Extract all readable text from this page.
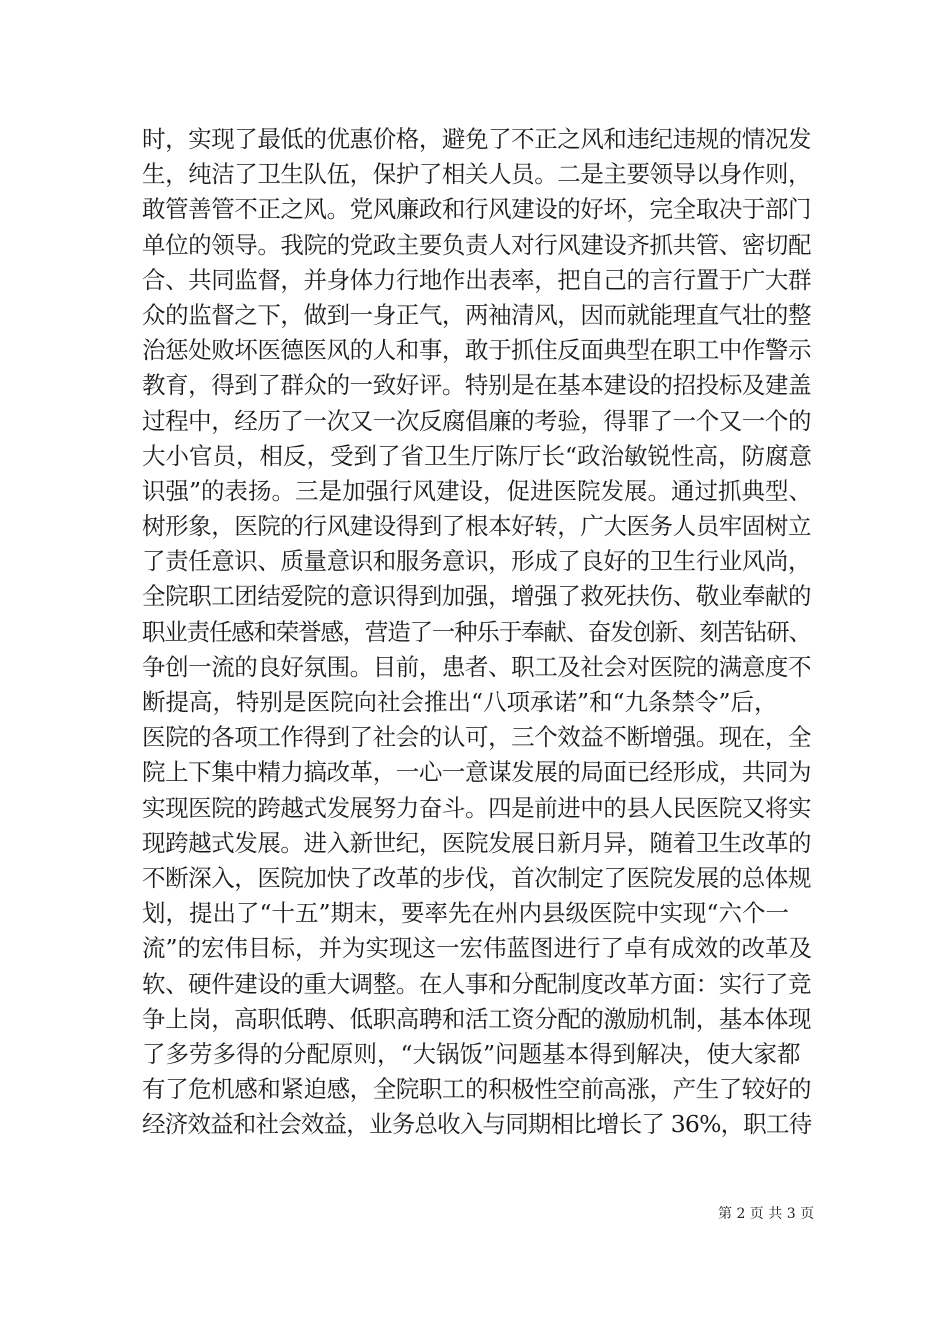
时，实现了最低的优惠价格，避免了不正之风和违纪违规的情况发
生，纯洁了卫生队伍，保护了相关人员。二是主要领导以身作则，
敢管善管不正之风。党风廉政和行风建设的好坏，完全取决于部门
单位的领导。我院的党政主要负责人对行风建设齐抓共管、密切配
合、共同监督，并身体力行地作出表率，把自己的言行置于广大群
众的监督之下，做到一身正气，两袖清风，因而就能理直气壮的整
治惩处败坏医德医风的人和事，敢于抓住反面典型在职工中作警示
教育，得到了群众的一致好评。特别是在基本建设的招投标及建盖
过程中，经历了一次又一次反腐倡廉的考验，得罪了一个又一个的
大小官员，相反，受到了省卫生厅陈厅长“政治敏锐性高，防腐意
识强”的表扬。三是加强行风建设，促进医院发展。通过抓典型、
树形象，医院的行风建设得到了根本好转，广大医务人员牢固树立
了责任意识、质量意识和服务意识，形成了良好的卫生行业风尚，
全院职工团结爱院的意识得到加强，增强了救死扶伤、敬业奉献的
职业责任感和荣誉感，营造了一种乐于奉献、奋发创新、刻苦钻研、
争创一流的良好氛围。目前，患者、职工及社会对医院的满意度不
断提高，特别是医院向社会推出“八项承诺”和“九条禁令”后，
医院的各项工作得到了社会的认可，三个效益不断增强。现在，全
院上下集中精力搞改革，一心一意谋发展的局面已经形成，共同为
实现医院的跨越式发展努力奋斗。四是前进中的县人民医院又将实
现跨越式发展。进入新世纪，医院发展日新月异，随着卫生改革的
不断深入，医院加快了改革的步伐，首次制定了医院发展的总体规
划，提出了“十五”期末，要率先在州内县级医院中实现“六个一
流”的宏伟目标，并为实现这一宏伟蓝图进行了卓有成效的改革及
软、硬件建设的重大调整。在人事和分配制度改革方面：实行了竞
争上岗，高职低聘、低职高聘和活工资分配的激励机制，基本体现
了多劳多得的分配原则，“大锅饭”问题基本得到解决，使大家都
有了危机感和紧迫感，全院职工的积极性空前高涨，产生了较好的
经济效益和社会效益，业务总收入与同期相比增长了 36%，职工待
第 2 页 共 3 页
